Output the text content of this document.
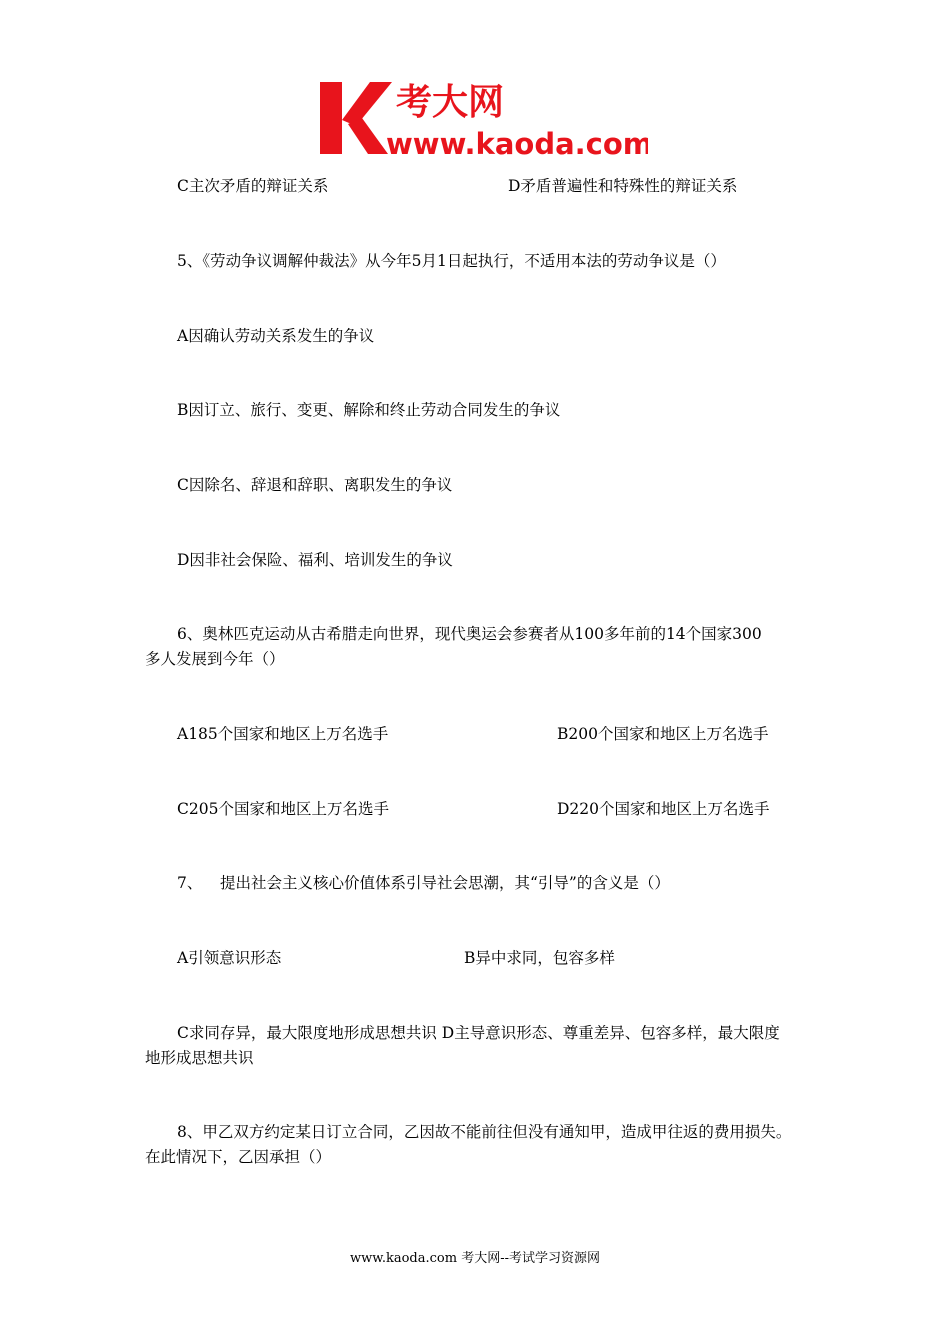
考大网
www.kaoda.com
C主次矛盾的辩证关系	D矛盾普遍性和特殊性的辩证关系
5、《劳动争议调解仲裁法》从今年5月1日起执行，不适用本法的劳动争议是（）
A因确认劳动关系发生的争议
B因订立、旅行、变更、解除和终止劳动合同发生的争议
C因除名、辞退和辞职、离职发生的争议
D因非社会保险、福利、培训发生的争议
6、奥林匹克运动从古希腊走向世界，现代奥运会参赛者从100多年前的14个国家300
多人发展到今年（）
A185个国家和地区上万名选手	B200个国家和地区上万名选手
C205个国家和地区上万名选手	D220个国家和地区上万名选手
7、 提出社会主义核心价值体系引导社会思潮，其“引导”的含义是（）
A引领意识形态	B异中求同，包容多样
C求同存异，最大限度地形成思想共识 D主导意识形态、尊重差异、包容多样，最大限度
地形成思想共识
8、甲乙双方约定某日订立合同，乙因故不能前往但没有通知甲，造成甲往返的费用损失。
在此情况下，乙因承担（）
www.kaoda.com 考大网--考试学习资源网
